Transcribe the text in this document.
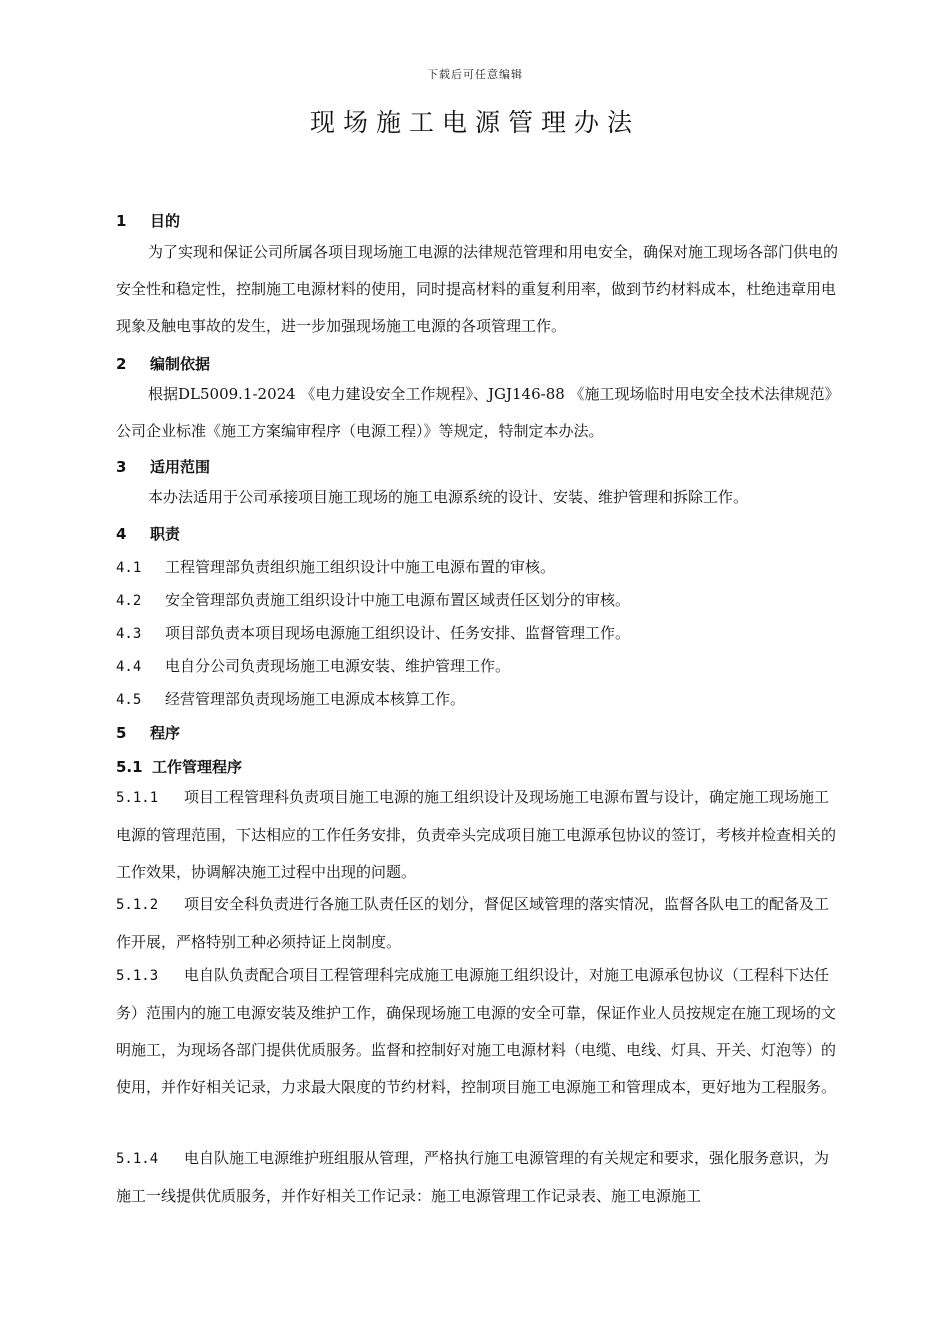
下载后可任意编辑
现场施工电源管理办法
1 目的
为了实现和保证公司所属各项目现场施工电源的法律规范管理和用电安全，确保对施工现场各部门供电的安全性和稳定性，控制施工电源材料的使用，同时提高材料的重复利用率，做到节约材料成本，杜绝违章用电现象及触电事故的发生，进一步加强现场施工电源的各项管理工作。
2 编制依据
根据DL5009.1-2024 《电力建设安全工作规程》、JGJ146-88 《施工现场临时用电安全技术法律规范》公司企业标准《施工方案编审程序（电源工程）》等规定，特制定本办法。
3 适用范围
本办法适用于公司承接项目施工现场的施工电源系统的设计、安装、维护管理和拆除工作。
4 职责
4.1 工程管理部负责组织施工组织设计中施工电源布置的审核。
4.2 安全管理部负责施工组织设计中施工电源布置区域责任区划分的审核。
4.3 项目部负责本项目现场电源施工组织设计、任务安排、监督管理工作。
4.4 电自分公司负责现场施工电源安装、维护管理工作。
4.5 经营管理部负责现场施工电源成本核算工作。
5 程序
5.1 工作管理程序
5.1.1 项目工程管理科负责项目施工电源的施工组织设计及现场施工电源布置与设计，确定施工现场施工电源的管理范围，下达相应的工作任务安排，负责牵头完成项目施工电源承包协议的签订，考核并检查相关的工作效果，协调解决施工过程中出现的问题。
5.1.2 项目安全科负责进行各施工队责任区的划分，督促区域管理的落实情况，监督各队电工的配备及工作开展，严格特别工种必须持证上岗制度。
5.1.3 电自队负责配合项目工程管理科完成施工电源施工组织设计，对施工电源承包协议（工程科下达任务）范围内的施工电源安装及维护工作，确保现场施工电源的安全可靠，保证作业人员按规定在施工现场的文明施工，为现场各部门提供优质服务。监督和控制好对施工电源材料（电缆、电线、灯具、开关、灯泡等）的使用，并作好相关记录，力求最大限度的节约材料，控制项目施工电源施工和管理成本，更好地为工程服务。
5.1.4 电自队施工电源维护班组服从管理，严格执行施工电源管理的有关规定和要求，强化服务意识，为施工一线提供优质服务，并作好相关工作记录：施工电源管理工作记录表、施工电源施工
